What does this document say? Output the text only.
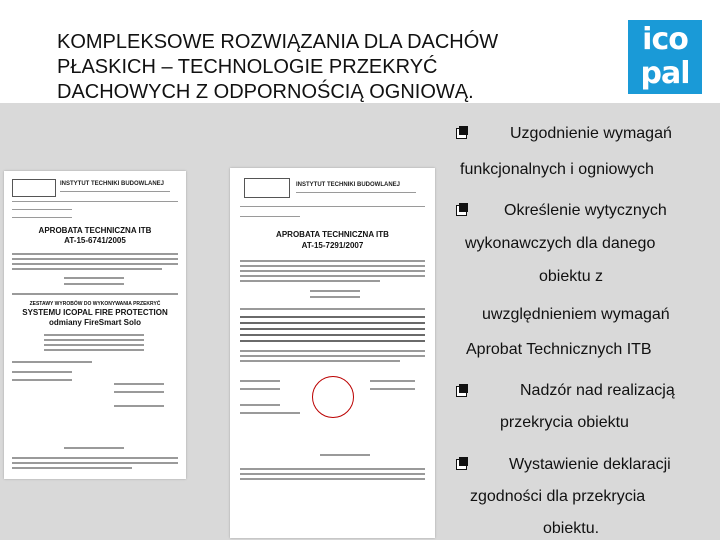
KOMPLEKSOWE ROZWIĄZANIA DLA DACHÓW
PŁASKICH – TECHNOLOGIE PRZEKRYĆ
DACHOWYCH Z ODPORNOŚCIĄ OGNIOWĄ.
ico
pal
INSTYTUT TECHNIKI BUDOWLANEJ
APROBATA TECHNICZNA ITB
AT-15-6741/2005
ZESTAWY WYROBÓW DO WYKONYWANIA PRZEKRYĆ
SYSTEMU ICOPAL FIRE PROTECTION
odmiany FireSmart Solo
INSTYTUT TECHNIKI BUDOWLANEJ
APROBATA TECHNICZNA ITB
AT-15-7291/2007

Uzgodnienie wymagań

funkcjonalnych i ogniowych

Określenie wytycznych

wykonawczych dla danego

obiektu z

uwzględnieniem wymagań

Aprobat Technicznych ITB

Nadzór nad realizacją

przekrycia obiektu

Wystawienie deklaracji

zgodności dla przekrycia

obiektu.
